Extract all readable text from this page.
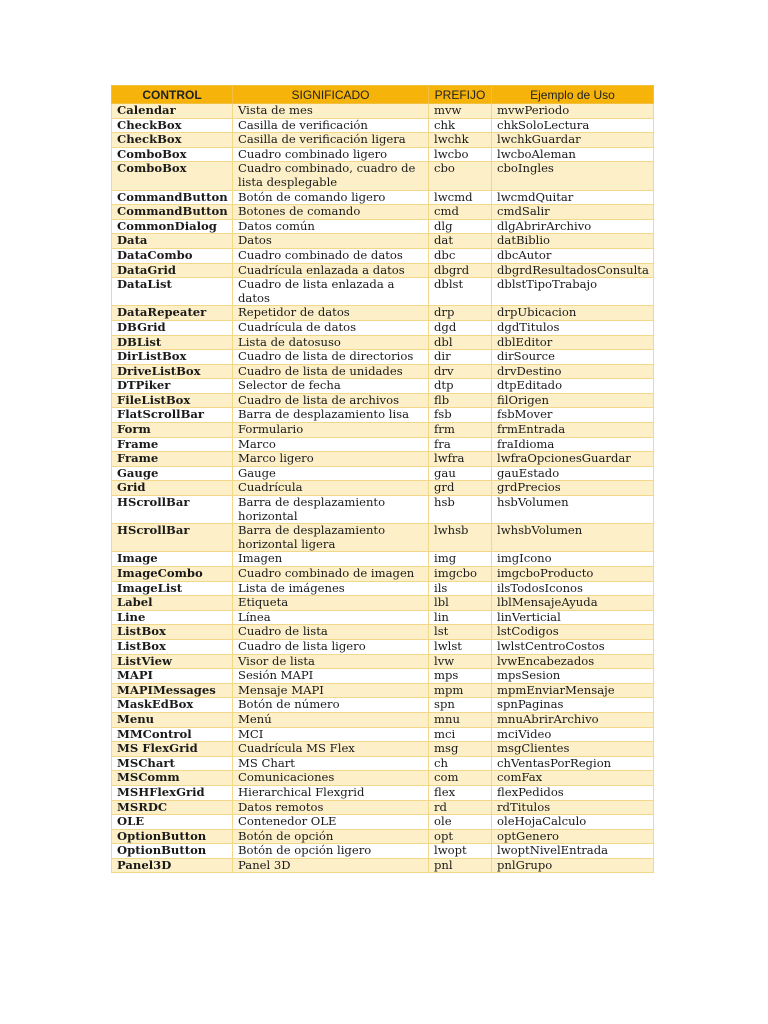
CONTROL	SIGNIFICADO	PREFIJO	Ejemplo de Uso
Calendar	Vista de mes	mvw	mvwPeriodo
CheckBox	Casilla de verificación	chk	chkSoloLectura
CheckBox	Casilla de verificación ligera	lwchk	lwchkGuardar
ComboBox	Cuadro combinado ligero	lwcbo	lwcboAleman
ComboBox	Cuadro combinado, cuadro de lista desplegable	cbo	cboIngles
CommandButton	Botón de comando ligero	lwcmd	lwcmdQuitar
CommandButton	Botones de comando	cmd	cmdSalir
CommonDialog	Datos común	dlg	dlgAbrirArchivo
Data	Datos	dat	datBiblio
DataCombo	Cuadro combinado de datos	dbc	dbcAutor
DataGrid	Cuadrícula enlazada a datos	dbgrd	dbgrdResultadosConsulta
DataList	Cuadro de lista enlazada a datos	dblst	dblstTipoTrabajo
DataRepeater	Repetidor de datos	drp	drpUbicacion
DBGrid	Cuadrícula de datos	dgd	dgdTitulos
DBList	Lista de datosuso	dbl	dblEditor
DirListBox	Cuadro de lista de directorios	dir	dirSource
DriveListBox	Cuadro de lista de unidades	drv	drvDestino
DTPiker	Selector de fecha	dtp	dtpEditado
FileListBox	Cuadro de lista de archivos	flb	filOrigen
FlatScrollBar	Barra de desplazamiento lisa	fsb	fsbMover
Form	Formulario	frm	frmEntrada
Frame	Marco	fra	fraIdioma
Frame	Marco ligero	lwfra	lwfraOpcionesGuardar
Gauge	Gauge	gau	gauEstado
Grid	Cuadrícula	grd	grdPrecios
HScrollBar	Barra de desplazamiento horizontal	hsb	hsbVolumen
HScrollBar	Barra de desplazamiento horizontal ligera	lwhsb	lwhsbVolumen
Image	Imagen	img	imgIcono
ImageCombo	Cuadro combinado de imagen	imgcbo	imgcboProducto
ImageList	Lista de imágenes	ils	ilsTodosIconos
Label	Etiqueta	lbl	lblMensajeAyuda
Line	Línea	lin	linVerticial
ListBox	Cuadro de lista	lst	lstCodigos
ListBox	Cuadro de lista ligero	lwlst	lwlstCentroCostos
ListView	Visor de lista	lvw	lvwEncabezados
MAPI	Sesión MAPI	mps	mpsSesion
MAPIMessages	Mensaje MAPI	mpm	mpmEnviarMensaje
MaskEdBox	Botón de número	spn	spnPaginas
Menu	Menú	mnu	mnuAbrirArchivo
MMControl	MCI	mci	mciVideo
MS FlexGrid	Cuadrícula MS Flex	msg	msgClientes
MSChart	MS Chart	ch	chVentasPorRegion
MSComm	Comunicaciones	com	comFax
MSHFlexGrid	Hierarchical Flexgrid	flex	flexPedidos
MSRDC	Datos remotos	rd	rdTitulos
OLE	Contenedor OLE	ole	oleHojaCalculo
OptionButton	Botón de opción	opt	optGenero
OptionButton	Botón de opción ligero	lwopt	lwoptNivelEntrada
Panel3D	Panel 3D	pnl	pnlGrupo
